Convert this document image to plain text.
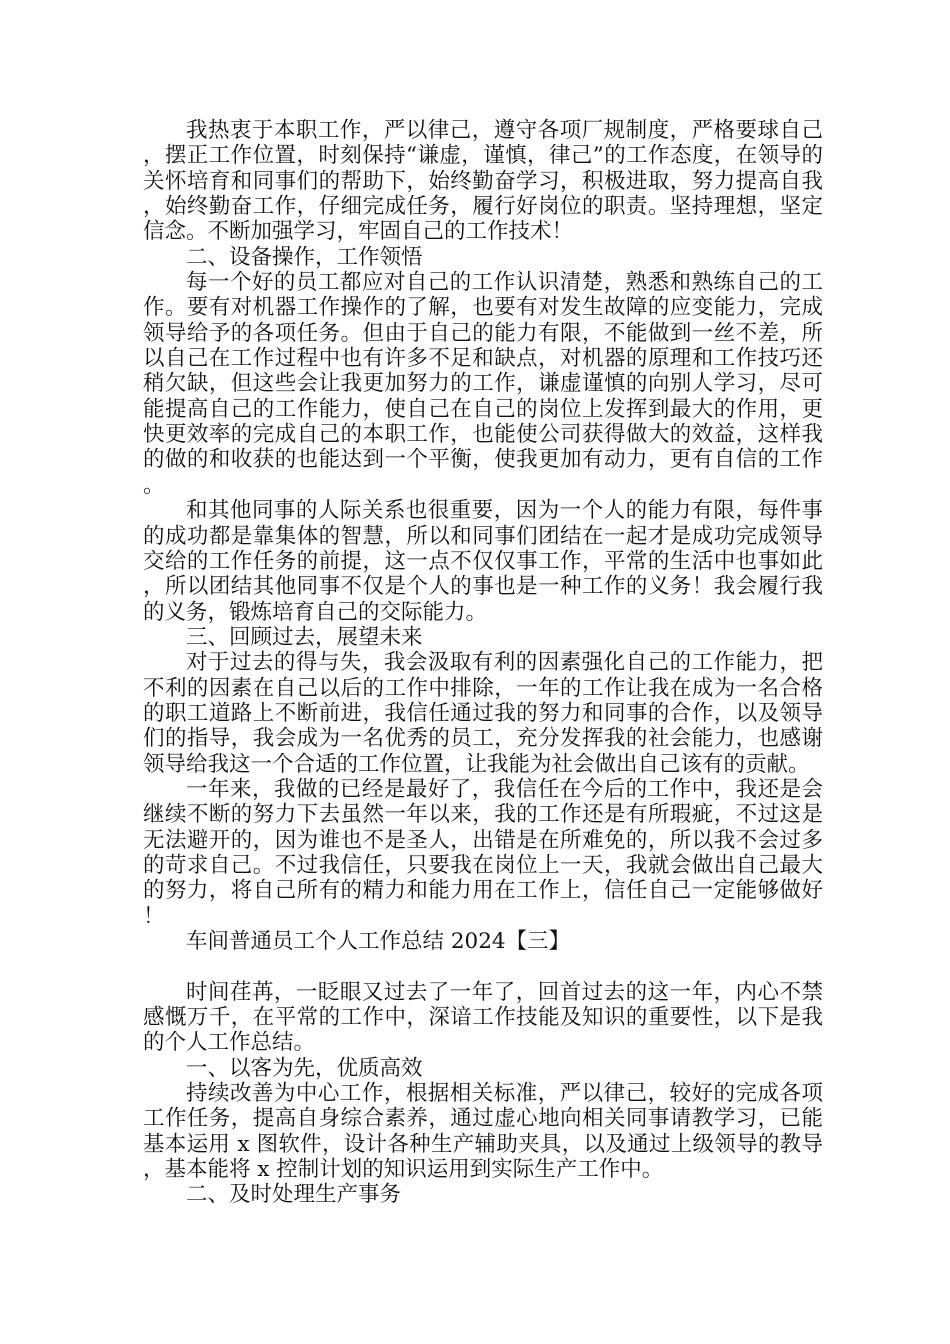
我热衷于本职工作，严以律己，遵守各项厂规制度，严格要球自己，摆正工作位置，时刻保持“谦虚，谨慎，律己”的工作态度，在领导的关怀培育和同事们的帮助下，始终勤奋学习，积极进取，努力提高自我，始终勤奋工作，仔细完成任务，履行好岗位的职责。坚持理想，坚定信念。不断加强学习，牢固自己的工作技术！

二、设备操作，工作领悟

每一个好的员工都应对自己的工作认识清楚，熟悉和熟练自己的工作。要有对机器工作操作的了解，也要有对发生故障的应变能力，完成领导给予的各项任务。但由于自己的能力有限，不能做到一丝不差，所以自己在工作过程中也有许多不足和缺点，对机器的原理和工作技巧还稍欠缺，但这些会让我更加努力的工作，谦虚谨慎的向别人学习，尽可能提高自己的工作能力，使自己在自己的岗位上发挥到最大的作用，更快更效率的完成自己的本职工作，也能使公司获得做大的效益，这样我的做的和收获的也能达到一个平衡，使我更加有动力，更有自信的工作。

和其他同事的人际关系也很重要，因为一个人的能力有限，每件事的成功都是靠集体的智慧，所以和同事们团结在一起才是成功完成领导交给的工作任务的前提，这一点不仅仅事工作，平常的生活中也事如此，所以团结其他同事不仅是个人的事也是一种工作的义务！我会履行我的义务，锻炼培育自己的交际能力。

三、回顾过去，展望未来

对于过去的得与失，我会汲取有利的因素强化自己的工作能力，把不利的因素在自己以后的工作中排除，一年的工作让我在成为一名合格的职工道路上不断前进，我信任通过我的努力和同事的合作，以及领导们的指导，我会成为一名优秀的员工，充分发挥我的社会能力，也感谢领导给我这一个合适的工作位置，让我能为社会做出自己该有的贡献。

一年来，我做的已经是最好了，我信任在今后的工作中，我还是会继续不断的努力下去虽然一年以来，我的工作还是有所瑕疵，不过这是无法避开的，因为谁也不是圣人，出错是在所难免的，所以我不会过多的苛求自己。不过我信任，只要我在岗位上一天，我就会做出自己最大的努力，将自己所有的精力和能力用在工作上，信任自己一定能够做好！

车间普通员工个人工作总结 2024【三】

时间荏苒，一眨眼又过去了一年了，回首过去的这一年，内心不禁感慨万千，在平常的工作中，深谙工作技能及知识的重要性，以下是我的个人工作总结。

一、以客为先，优质高效

持续改善为中心工作，根据相关标准，严以律己，较好的完成各项工作任务，提高自身综合素养，通过虚心地向相关同事请教学习，已能基本运用 x 图软件，设计各种生产辅助夹具，以及通过上级领导的教导，基本能将 x 控制计划的知识运用到实际生产工作中。

二、及时处理生产事务
